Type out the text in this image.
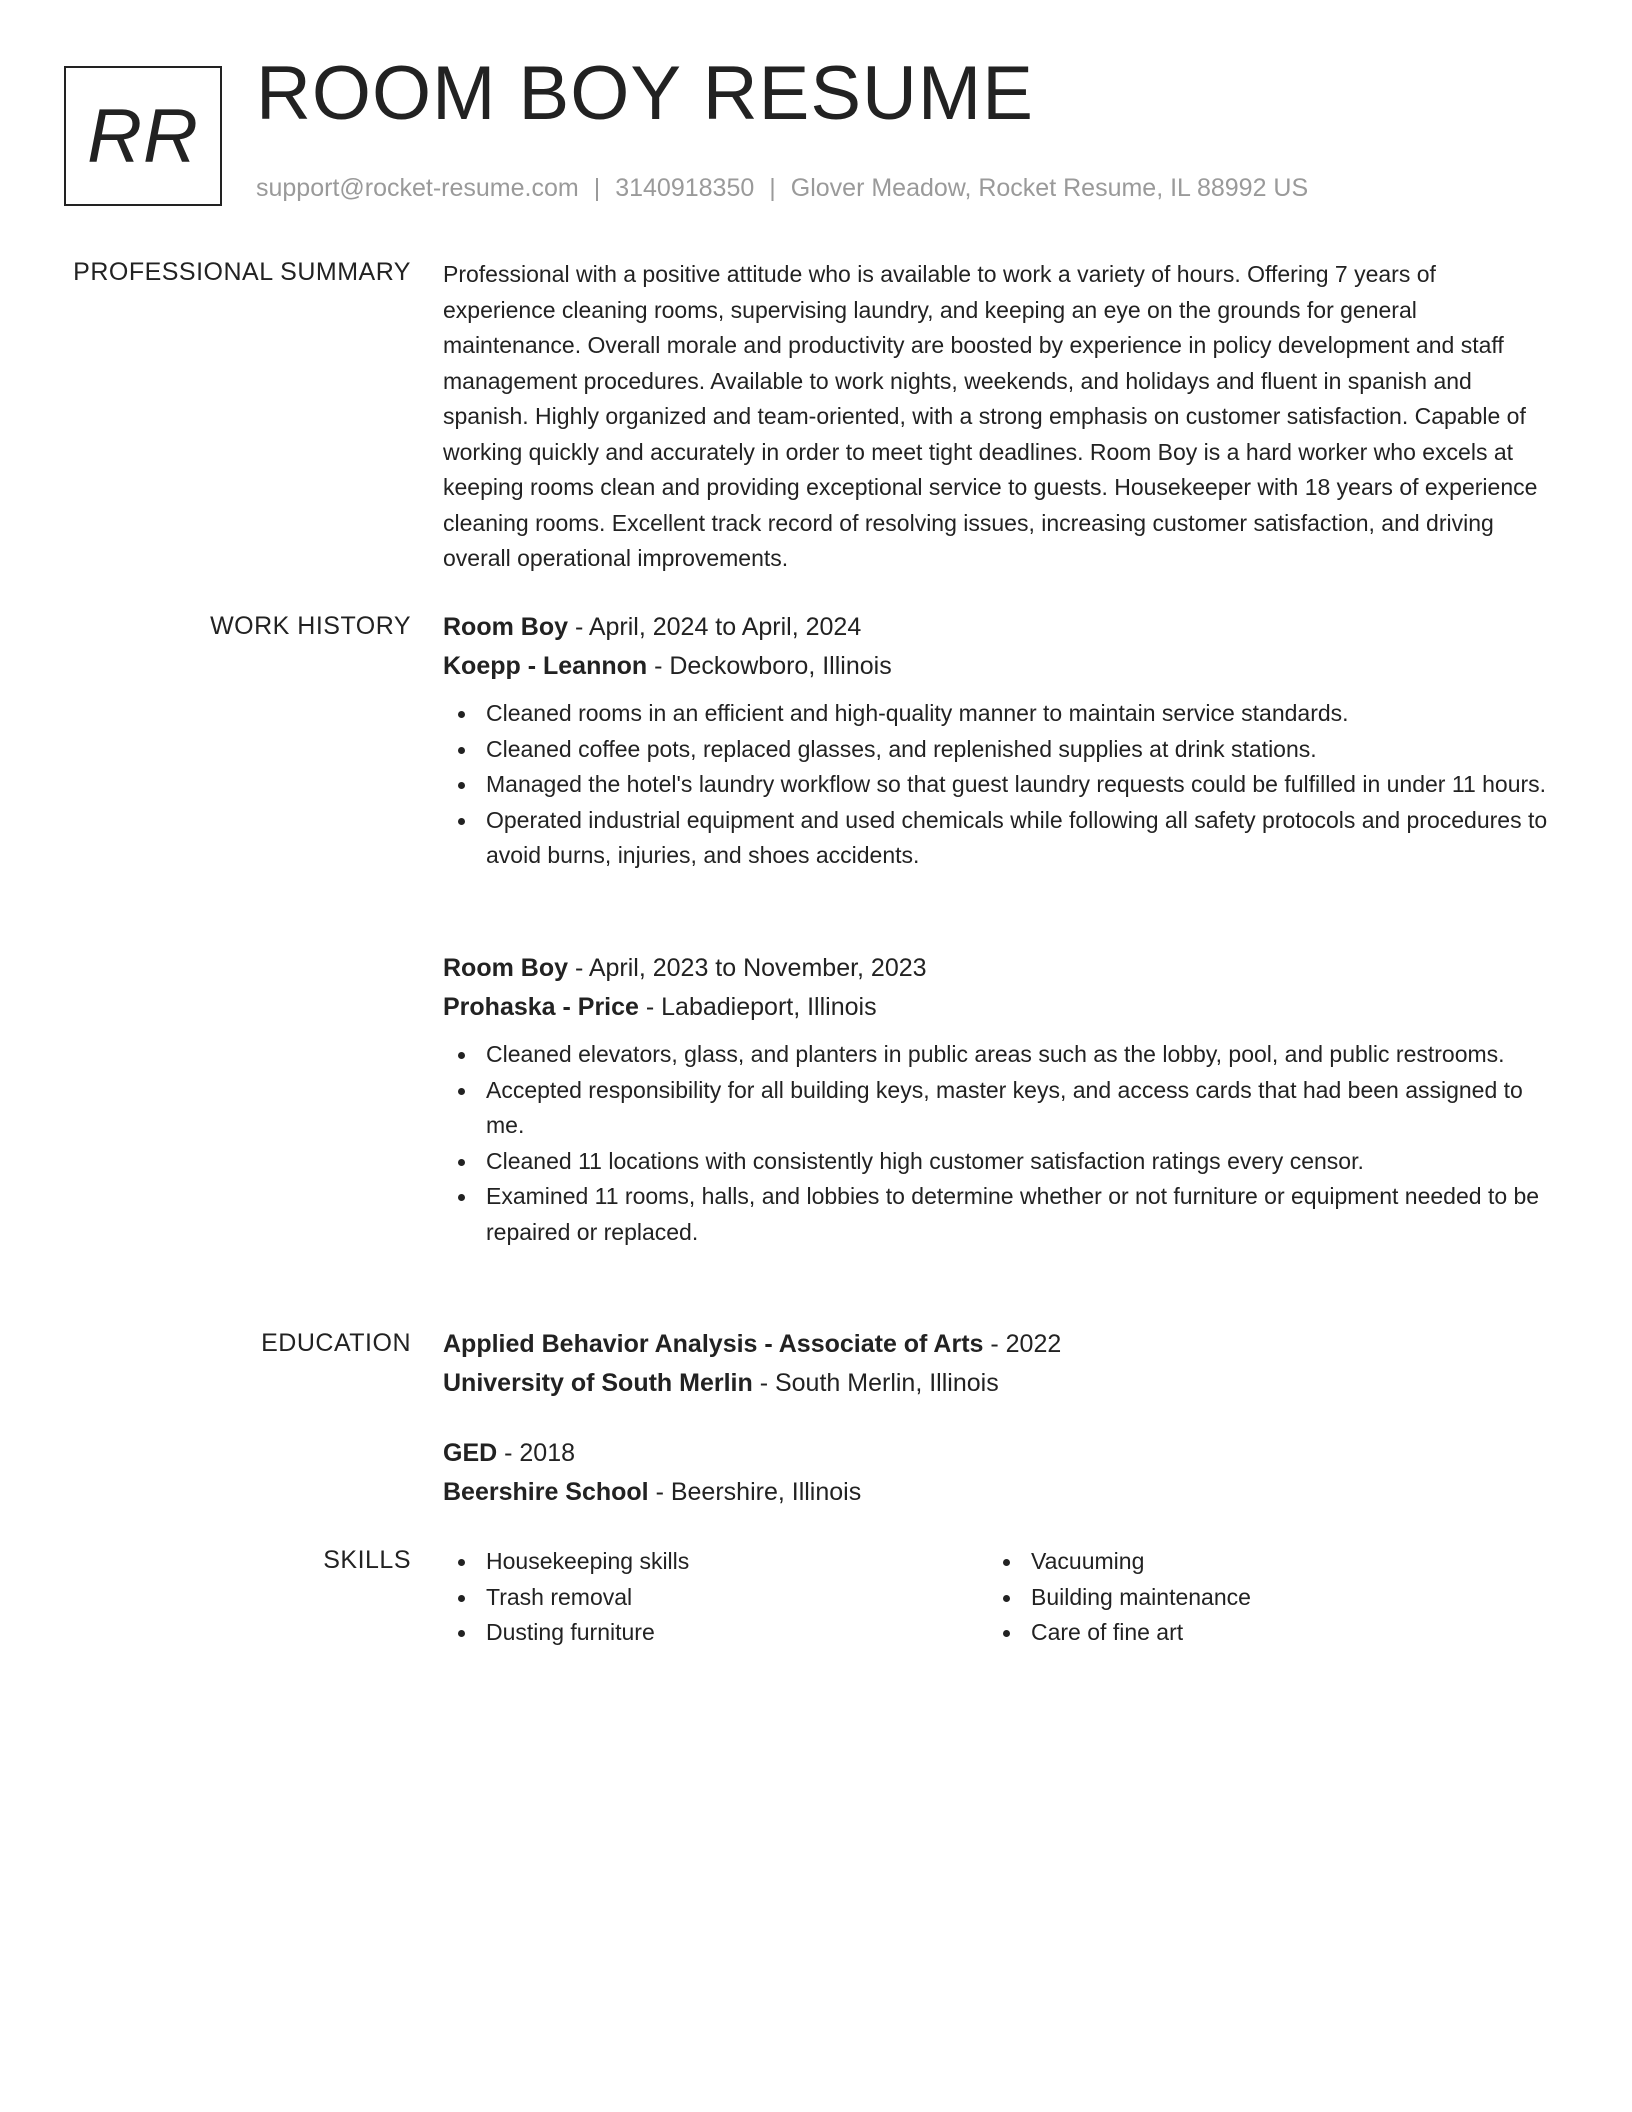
RR ROOM BOY RESUME
support@rocket-resume.com | 3140918350 | Glover Meadow, Rocket Resume, IL 88992 US
PROFESSIONAL SUMMARY Professional with a positive attitude who is available to work a variety of hours. Offering 7 years of experience cleaning rooms, supervising laundry, and keeping an eye on the grounds for general maintenance. Overall morale and productivity are boosted by experience in policy development and staff management procedures. Available to work nights, weekends, and holidays and fluent in spanish and spanish. Highly organized and team-oriented, with a strong emphasis on customer satisfaction. Capable of working quickly and accurately in order to meet tight deadlines. Room Boy is a hard worker who excels at keeping rooms clean and providing exceptional service to guests. Housekeeper with 18 years of experience cleaning rooms. Excellent track record of resolving issues, increasing customer satisfaction, and driving overall operational improvements.
WORK HISTORY Room Boy - April, 2024 to April, 2024
Koepp - Leannon - Deckowboro, Illinois
Cleaned rooms in an efficient and high-quality manner to maintain service standards.
Cleaned coffee pots, replaced glasses, and replenished supplies at drink stations.
Managed the hotel's laundry workflow so that guest laundry requests could be fulfilled in under 11 hours.
Operated industrial equipment and used chemicals while following all safety protocols and procedures to avoid burns, injuries, and shoes accidents.
Room Boy - April, 2023 to November, 2023
Prohaska - Price - Labadieport, Illinois
Cleaned elevators, glass, and planters in public areas such as the lobby, pool, and public restrooms.
Accepted responsibility for all building keys, master keys, and access cards that had been assigned to me.
Cleaned 11 locations with consistently high customer satisfaction ratings every censor.
Examined 11 rooms, halls, and lobbies to determine whether or not furniture or equipment needed to be repaired or replaced.
EDUCATION Applied Behavior Analysis - Associate of Arts - 2022
University of South Merlin - South Merlin, Illinois
GED - 2018
Beershire School - Beershire, Illinois
SKILLS	Housekeeping skills
Trash removal
Dusting furniture
Vacuuming
Building maintenance
Care of fine art
